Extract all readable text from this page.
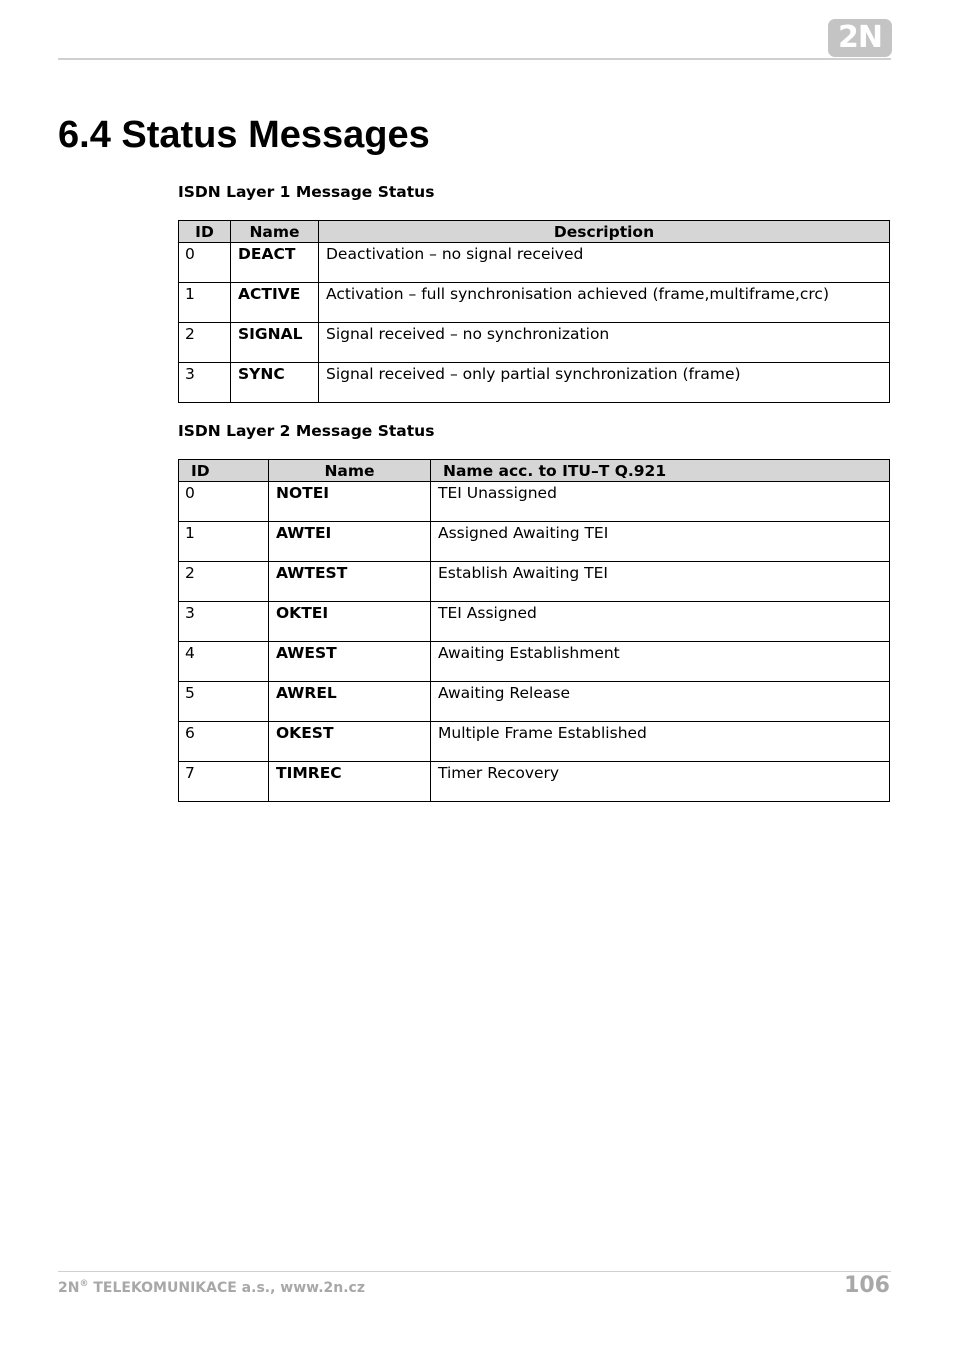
2N
6.4 Status Messages
ISDN Layer 1 Message Status
ID	Name	Description
0	DEACT	Deactivation – no signal received
1	ACTIVE	Activation – full synchronisation achieved (frame,multiframe,crc)
2	SIGNAL	Signal received – no synchronization
3	SYNC	Signal received – only partial synchronization (frame)
ISDN Layer 2 Message Status
ID	Name	Name acc. to ITU–T Q.921
0	NOTEI	TEI Unassigned
1	AWTEI	Assigned Awaiting TEI
2	AWTEST	Establish Awaiting TEI
3	OKTEI	TEI Assigned
4	AWEST	Awaiting Establishment
5	AWREL	Awaiting Release
6	OKEST	Multiple Frame Established
7	TIMREC	Timer Recovery
2N® TELEKOMUNIKACE a.s., www.2n.cz	106
